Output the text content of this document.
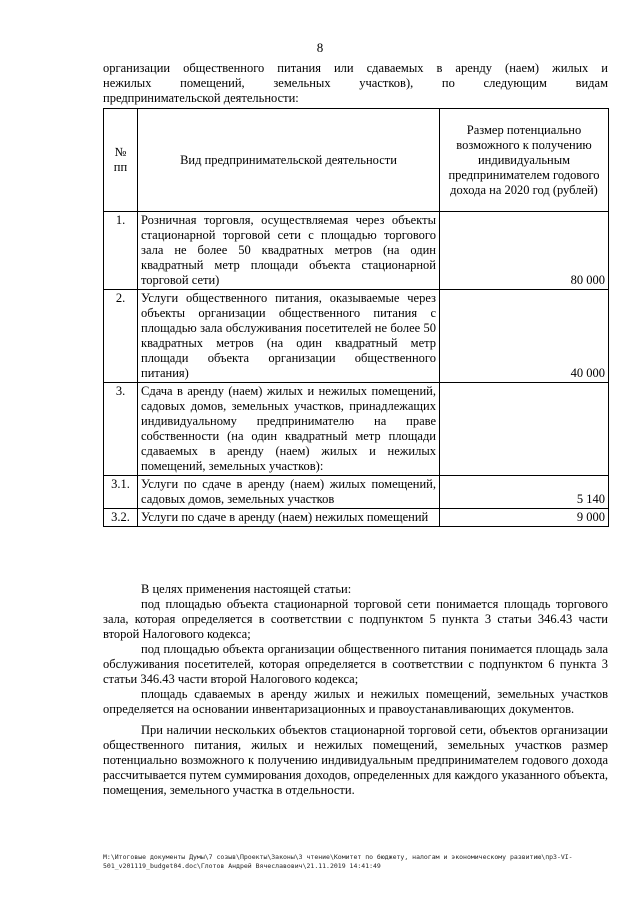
8
организации общественного питания или сдаваемых в аренду (наем) жилых и
нежилых помещений, земельных участков), по следующим видам
предпринимательской деятельности:
№ пп	Вид предпринимательской деятельности	Размер потенциально возможного к получению индивидуальным предпринимателем годового дохода на 2020 год (рублей)
1.	Розничная торговля, осуществляемая через объекты стационарной торговой сети с площадью торгового зала не более 50 квадратных метров (на один квадратный метр площади объекта стационарной торговой сети)	80 000
2.	Услуги общественного питания, оказываемые через объекты организации общественного питания с площадью зала обслуживания посетителей не более 50 квадратных метров (на один квадратный метр площади объекта организации общественного питания)	40 000
3.	Сдача в аренду (наем) жилых и нежилых помещений, садовых домов, земельных участков, принадлежащих индивидуальному предпринимателю на праве собственности (на один квадратный метр площади сдаваемых в аренду (наем) жилых и нежилых помещений, земельных участков):	
3.1.	Услуги по сдаче в аренду (наем) жилых помещений, садовых домов, земельных участков	5 140
3.2.	Услуги по сдаче в аренду (наем) нежилых помещений	9 000

В целях применения настоящей статьи:

под площадью объекта стационарной торговой сети понимается площадь торгового зала, которая определяется в соответствии с подпунктом 5 пункта 3 статьи 346.43 части второй Налогового кодекса;

под площадью объекта организации общественного питания понимается площадь зала обслуживания посетителей, которая определяется в соответствии с подпунктом 6 пункта 3 статьи 346.43 части второй Налогового кодекса;

площадь сдаваемых в аренду жилых и нежилых помещений, земельных участков определяется на основании инвентаризационных и правоустанавливающих документов.

При наличии нескольких объектов стационарной торговой сети, объектов организации общественного питания, жилых и нежилых помещений, земельных участков размер потенциально возможного к получению индивидуальным предпринимателем годового дохода рассчитывается путем суммирования доходов, определенных для каждого указанного объекта, помещения, земельного участка в отдельности.

M:\Итоговые документы Думы\7 созыв\Проекты\Законы\3 чтение\Комитет по бюджету, налогам и экономическому развитию\пр3-VI-
501_v201119_budget04.doc\Глотов Андрей Вячеславович\21.11.2019 14:41:49
